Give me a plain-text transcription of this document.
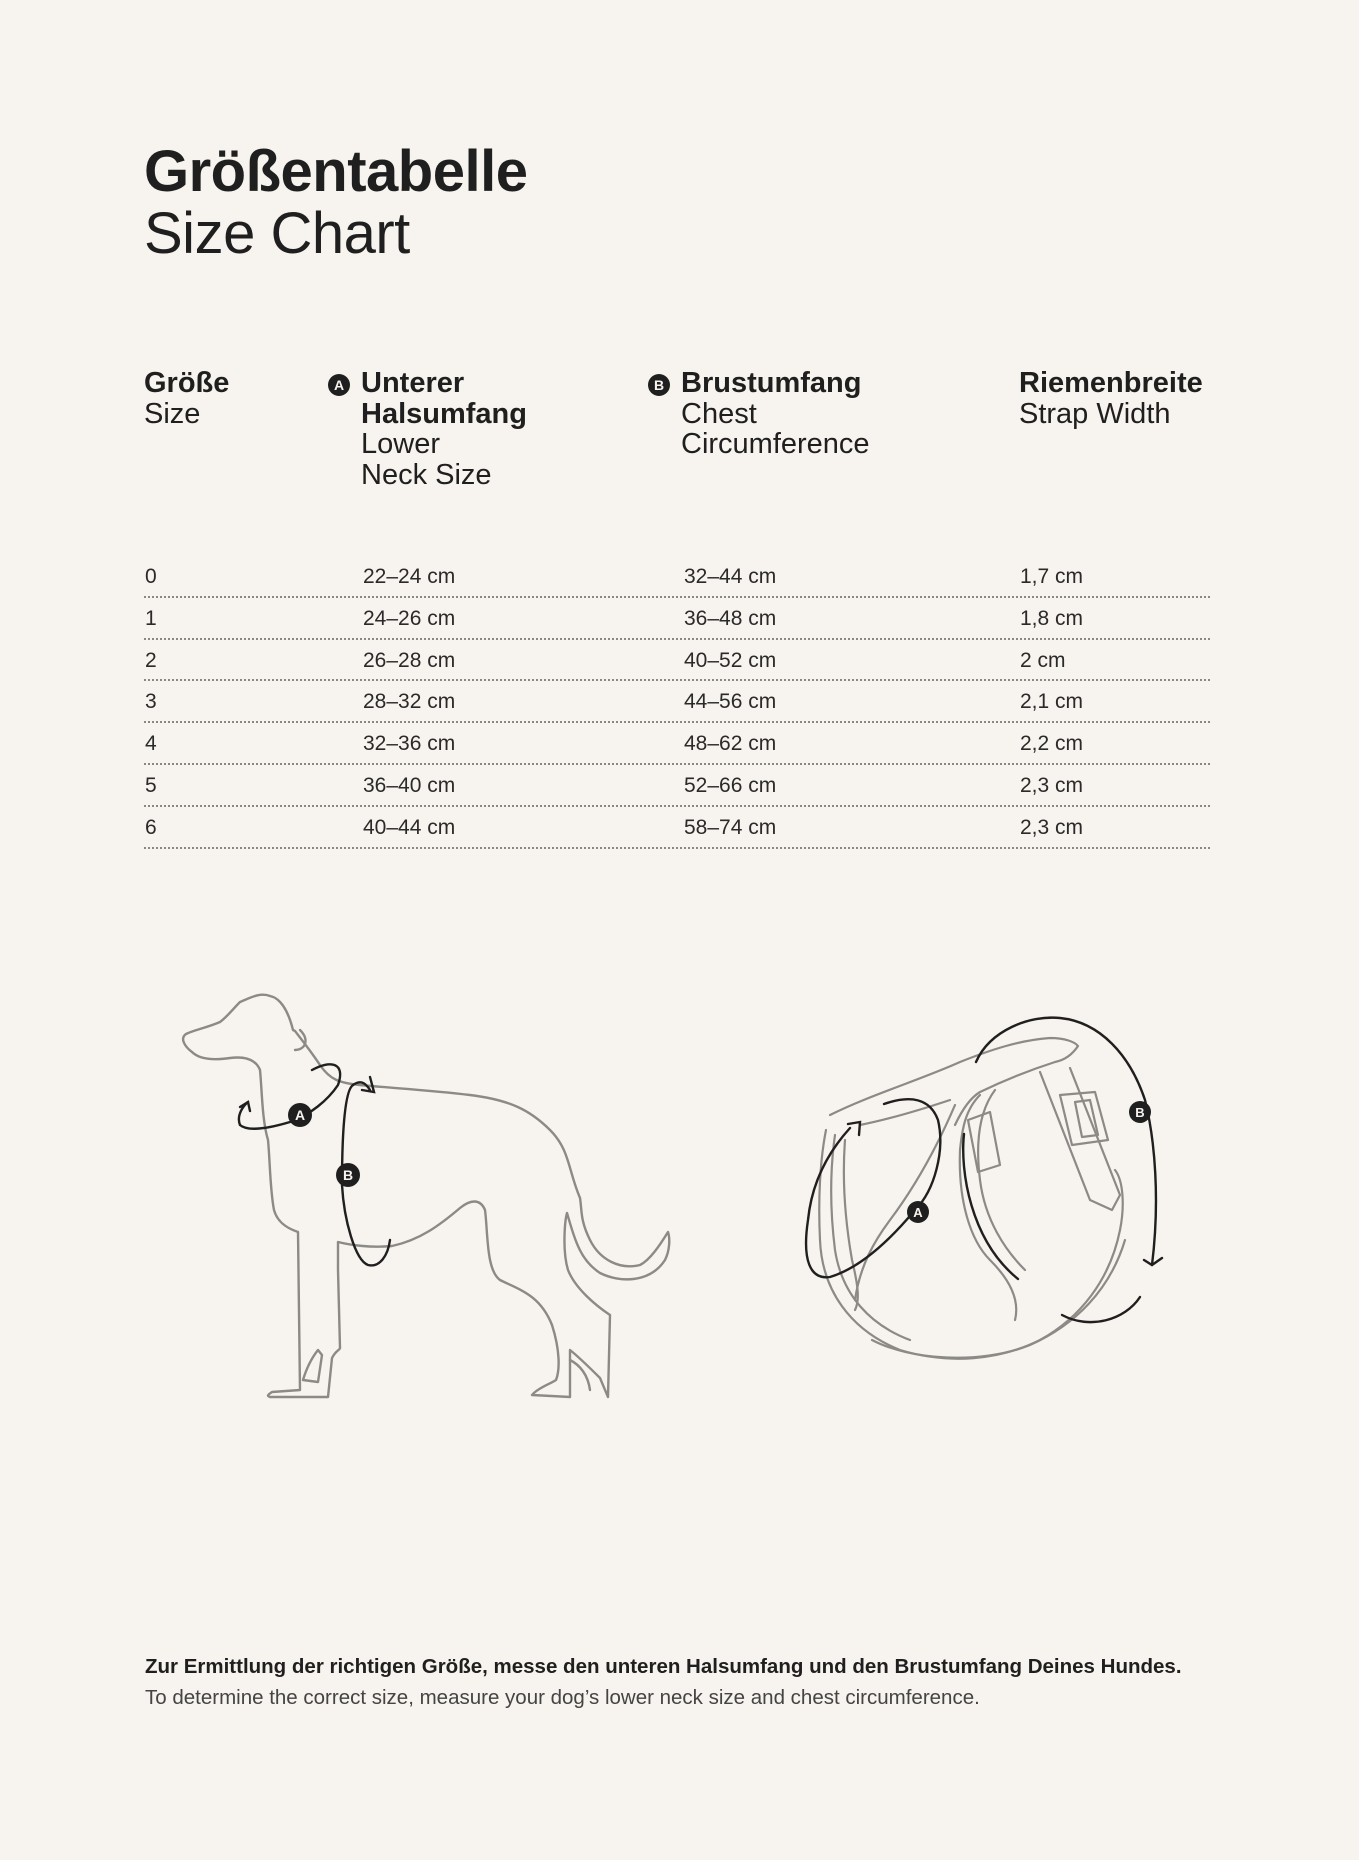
Größentabelle
Size Chart
Größe
Size
A Unterer
Halsumfang
Lower
Neck Size
B Brustumfang
Chest
Circumference
Riemenbreite
Strap Width
0	22–24 cm	32–44 cm	1,7 cm
1	24–26 cm	36–48 cm	1,8 cm
2	26–28 cm	40–52 cm	2 cm
3	28–32 cm	44–56 cm	2,1 cm
4	32–36 cm	48–62 cm	2,2 cm
5	36–40 cm	52–66 cm	2,3 cm
6	40–44 cm	58–74 cm	2,3 cm
A
B
A
B
Zur Ermittlung der richtigen Größe, messe den unteren Halsumfang und den Brustumfang Deines Hundes.
To determine the correct size, measure your dog’s lower neck size and chest circumference.
